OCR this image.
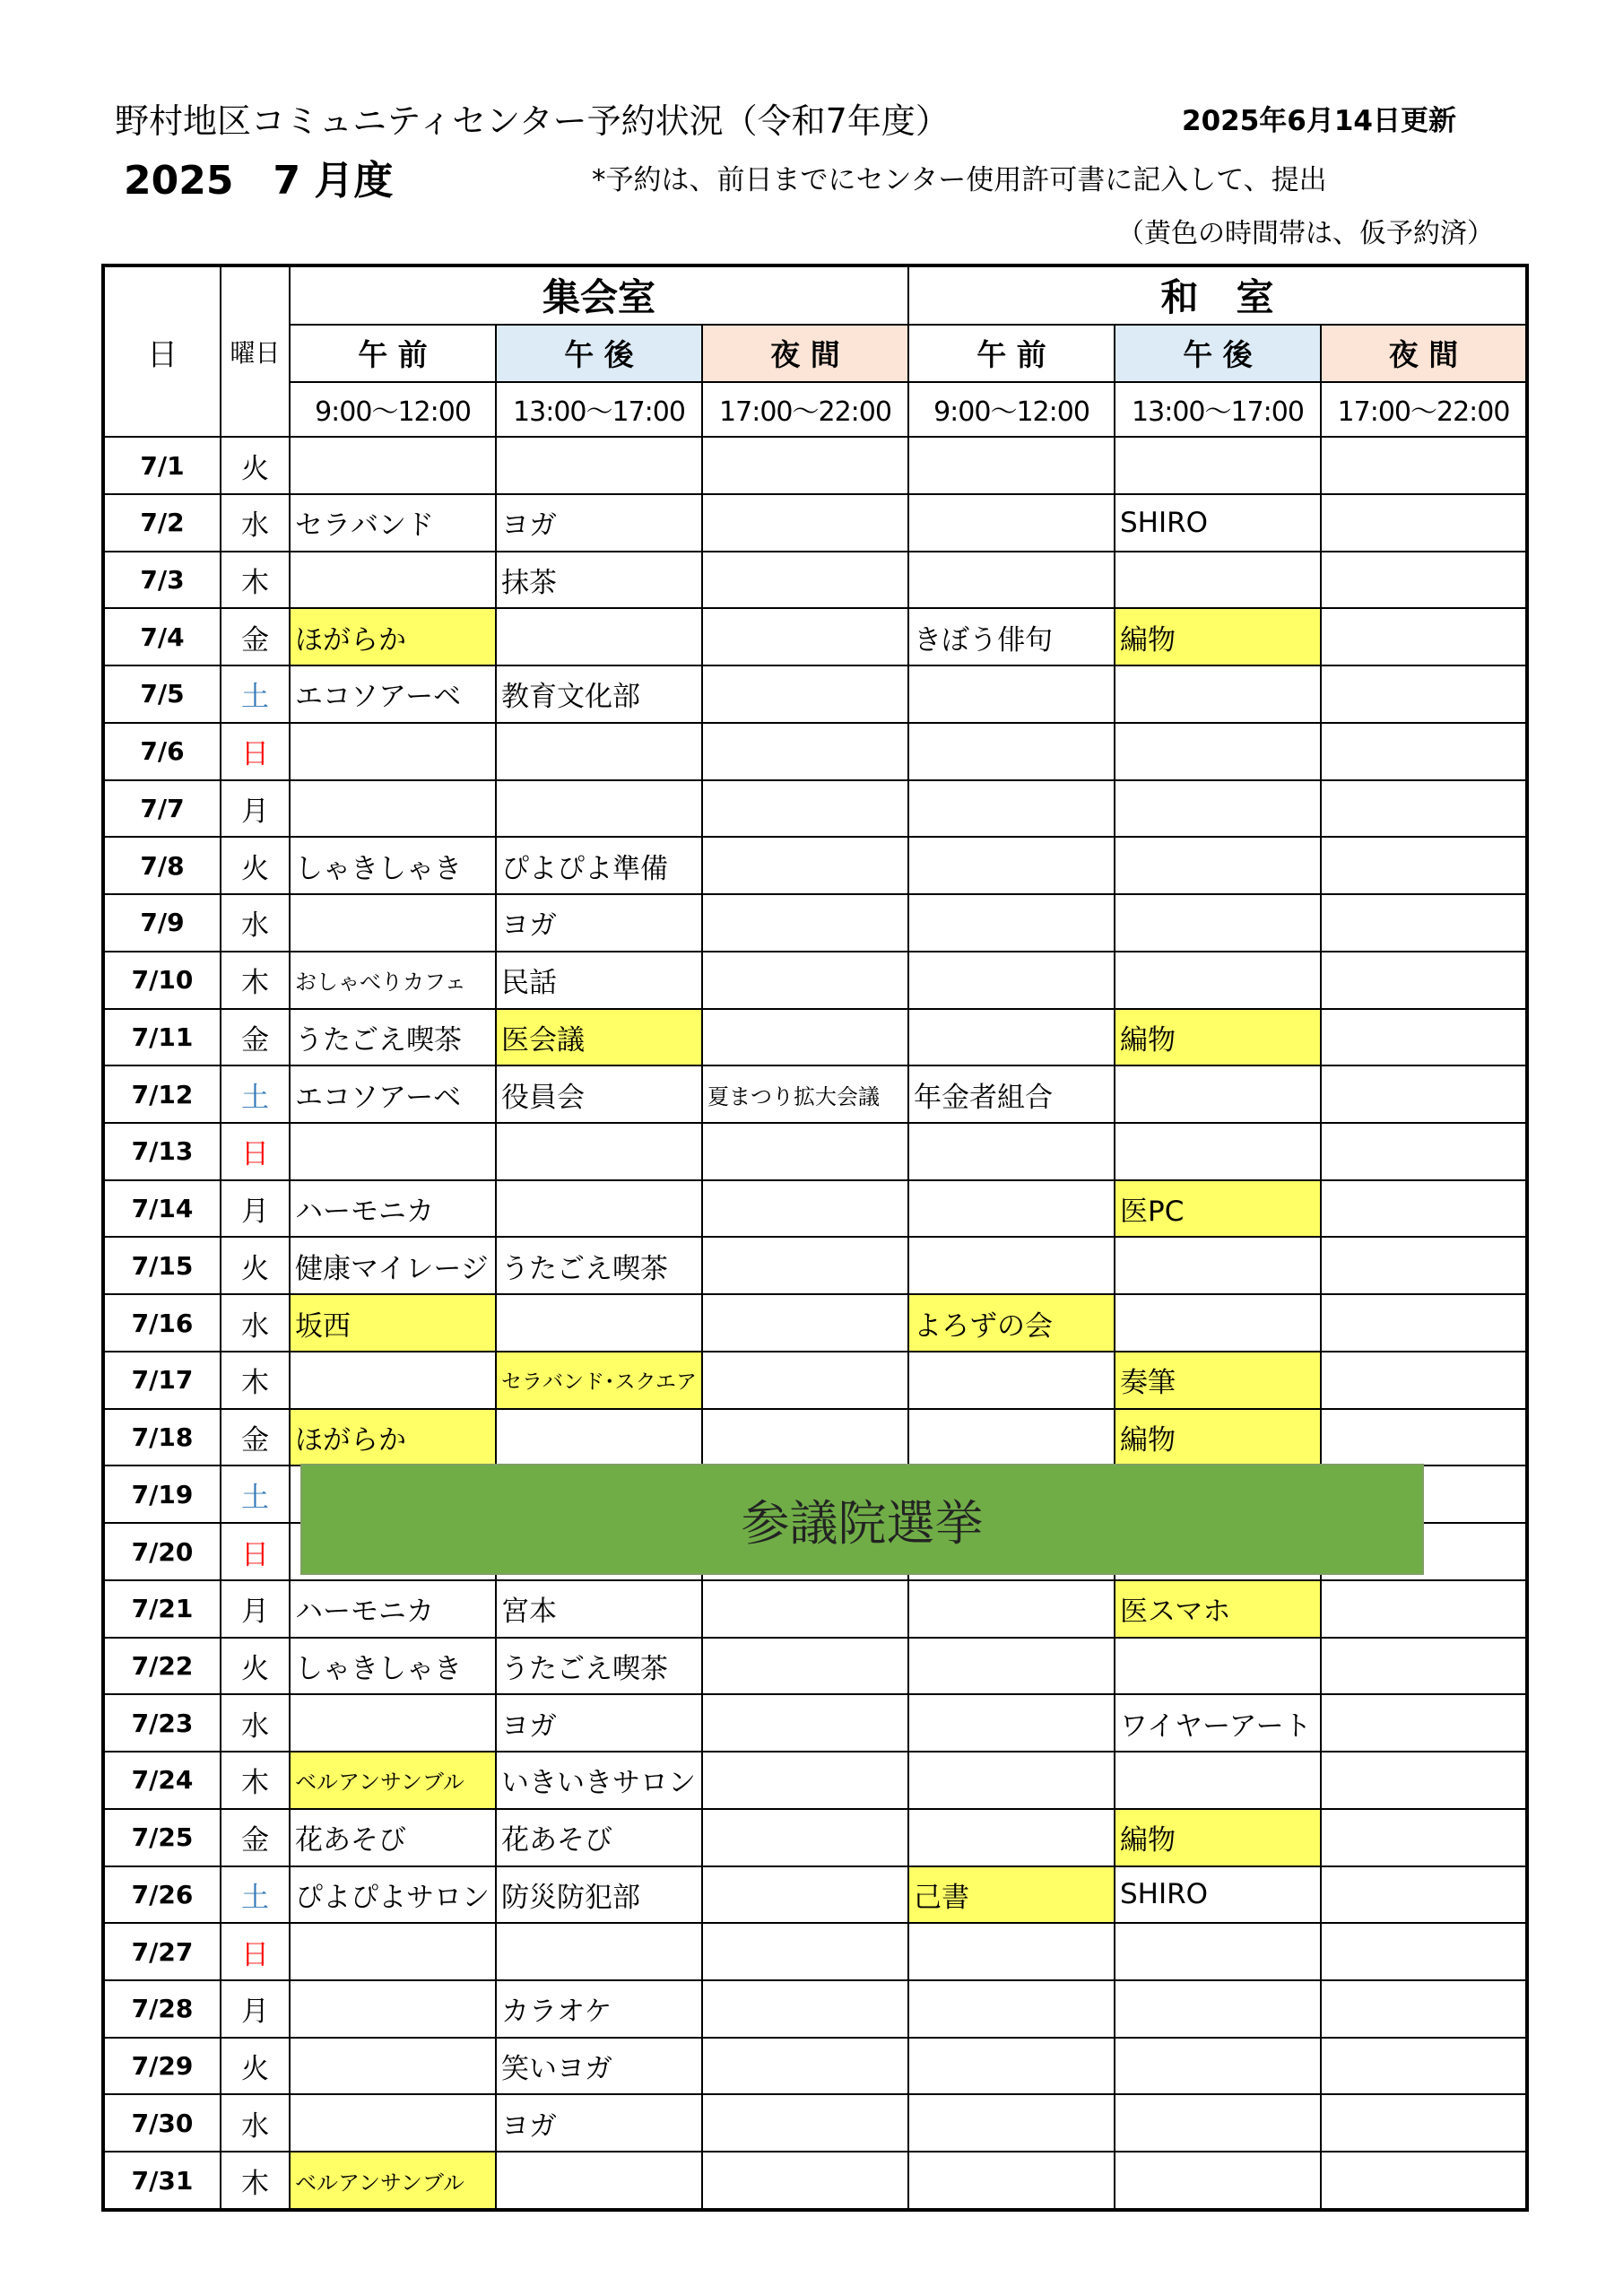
野村地区コミュニティセンター予約状況（令和7年度）	2025年6月14日更新
2025　7 月度	*予約は、前日までにセンター使用許可書に記入して、提出
（黄色の時間帯は、仮予約済）
日	曜日	集会室			和　室		
		午 前	午 後	夜 間	午 前	午 後	夜 間
		9:00～12:00	13:00～17:00	17:00～22:00	9:00～12:00	13:00～17:00	17:00～22:00
7/1	火						
7/2	水	セラバンド	ヨガ			SHIRO	
7/3	木		抹茶				
7/4	金	ほがらか			きぼう俳句	編物	
7/5	土	エコソアーベ	教育文化部				
7/6	日						
7/7	月						
7/8	火	しゃきしゃき	ぴよぴよ準備				
7/9	水		ヨガ				
7/10	木	おしゃべりカフェ	民話				
7/11	金	うたごえ喫茶	医会議			編物	
7/12	土	エコソアーベ	役員会	夏まつり拡大会議	年金者組合		
7/13	日						
7/14	月	ハーモニカ				医PC	
7/15	火	健康マイレージ	うたごえ喫茶				
7/16	水	坂西			よろずの会		
7/17	木		セラバンド･スクエア			奏筆	
7/18	金	ほがらか				編物	
7/19	土						
7/20	日						
7/21	月	ハーモニカ	宮本			医スマホ	
7/22	火	しゃきしゃき	うたごえ喫茶				
7/23	水		ヨガ			ワイヤーアート	
7/24	木	ベルアンサンブル	いきいきサロン				
7/25	金	花あそび	花あそび			編物	
7/26	土	ぴよぴよサロン	防災防犯部		己書	SHIRO	
7/27	日						
7/28	月		カラオケ				
7/29	火		笑いヨガ				
7/30	水		ヨガ				
7/31	木	ベルアンサンブル					
参議院選挙
